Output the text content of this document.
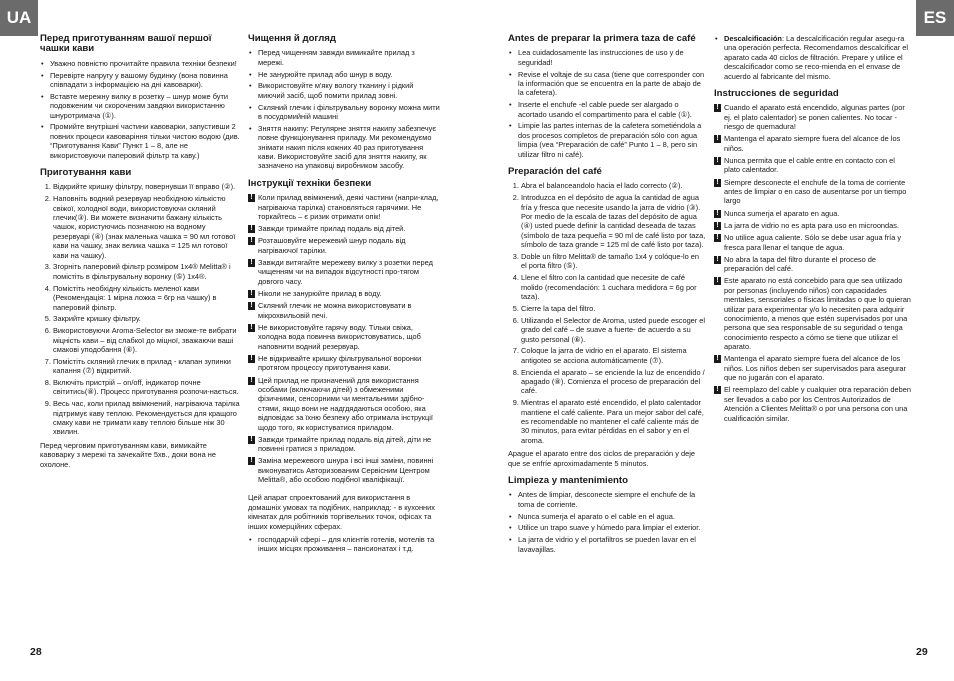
UA	ES
Перед приготуванням вашої першої чашки кави
• Уважно повністю прочитайте правила техніки безпеки!
• Перевірте напругу у вашому будинку (вона повинна співпадати з інформацією на дні кавоварки).
• Вставте мережну вилку в розетку – шнур може бути подовженим чи скороченим завдяки використанню шнуротримача (①).
• Промийте внутрішні частини кавоварки, запустивши 2 повних процеси кавоваріння тільки чистою водою (див. “Приготування Кави” Пункт 1 – 8, але не використовуючи паперовий фільтр та каву.)
Приготування кави
1. Відкрийте кришку фільтру, повернувши її вправо (②).
2. Наповніть водний резервуар необхідною кількістю свіжої, холодної води, використовуючи скляний глечик(③). Ви можете визначити бажану кількість чашок, користуючись позначкою на водному резервуарі (④) (знак маленька чашка = 90 мл готової кави на чашку, знак велика чашка = 125 мл готової кави на чашку).
3. Згорніть паперовий фільтр розміром 1x4® Melitta® і помістіть в фільтрувальну воронку (⑤) 1x4®.
4. Помістіть необхідну кількість меленої кави (Рекомендація: 1 мірна ложка = 6гр на чашку) в паперовий фільтр.
5. Закрийте кришку фільтру.
6. Використовуючи Aroma-Selector ви зможе-те вибрати міцність кави – від слабкої до міцної, зважаючи ваші смакові уподобання (⑥).
7. Помістіть скляний глечик в прилад - клапан зупинки капання (⑦) відкритий.
8. Включіть пристрій – on/off, індикатор почне світитись(⑧). Процесс приготування розпочи-нається.
9. Весь час, коли прилад ввімкнений, нагріваюча тарілка підтримує каву теплою. Рекомендується для кращого смаку кави не тримати каву теплою більше ніж 30 хвилин.

Перед черговим приготуванням кави, вимикайте кавоварку з мережі та зачекайте 5хв., доки вона не охолоне.

Чищення й догляд
• Перед чищенням завжди вимикайте прилад з мережі.
• Не занурюйте прилад або шнур в воду.
• Використовуйте м'яку вологу тканину і рідкий миючий засіб, щоб помити прилад зовні.
• Скляний глечик і фільтрувальну воронку можна мити в посудомийній машині
• Зняття накипу: Регулярне зняття накипу забезпечує повне функціонування приладу. Ми рекомендуємо знімати накип після кожних 40 раз приготування кави. Використовуйте засіб для зняття накипу, як зазначено на упаковці виробником засобу.
Інструкції техніки безпеки
! Коли прилад ввімкнений, деякі частини (напри-клад, нагріваюча тарілка) становляться гарячими. Не торкайтесь – є ризик отримати опік!
! Завжди тримайте прилад подаль від дітей.
! Розташовуйте мережевий шнур подаль від нагріваючої тарілки.
! Завжди витягайте мережеву вилку з розетки перед чищенням чи на випадок відсутності про-тягом довгого часу.
! Ніколи не занурюйте прилад в воду.
! Скляний глечик не можна використовувати в мікрохвильовій печі.
! Не використовуйте гарячу воду. Тільки свіжа, холодна вода повинна використовуватись, щоб наповнити водний резервуар.
! Не відкривайте кришку фільтрувальної воронки протягом процессу приготування кави.
! Цей прилад не призначений для використання особами (включаючи дітей) з обмеженими фізичними, сенсорними чи ментальними здібно-стями, якщо вони не надгдядаються особою, яка відповідає за їхню безпеку або отримала інструкції щодо того, як користуватися приладом.
! Завжди тримайте прилад подаль від дітей, діти не повинні гратися з приладом.
! Заміна мережевого шнура і всі інші заміни, повинні виконуватись Авторизованим Сервісним Центром Melitta®, або особою подібної кваліфікації.

Цей апарат спроектований для використання в домашніх умовах та подібних, наприклад: - в кухонних кімнатах для робітників торгівельних точок, офісах та інших комерційних сферах.

• господарчій сфері – для клієнтів готелів, мотелів та інших місцях проживання – пансионатах і т.д.
Antes de preparar la primera taza de café
• Lea cuidadosamente las instrucciones de uso y de seguridad!
• Revise el voltaje de su casa (tiene que corresponder con la información que se encuentra en la parte de abajo de la cafetera).
• Inserte el enchufe -el cable puede ser alargado o acortado usando el compartimento para el cable (①).
• Limpie las partes internas de la cafetera sometiéndola a dos procesos completos de preparación sólo con agua limpia (vea “Preparación de café” Punto 1 – 8, pero sin utilizar filtro ni café).
Preparación del café
1. Abra el balanceandolo hacia el lado correcto (②).
2. Introduzca en el depósito de agua la cantidad de agua fría y fresca que necesite usando la jarra de vidrio (③). Por medio de la escala de tazas del depósito de agua (④) usted puede definir la cantidad deseada de tazas (símbolo de taza pequeña = 90 ml de café listo por taza, símbolo de taza grande = 125 ml de café listo por taza).
3. Doble un filtro Melitta® de tamaño 1x4 y colóque-lo en el porta filtro (⑤).
4. Llene el filtro con la cantidad que necesite de café molido (recomendación: 1 cuchara medidora = 6g por taza).
5. Cierre la tapa del filtro.
6. Utilizando el Selector de Aroma, usted puede escoger el grado del café – de suave a fuerte- de acuerdo a su gusto personal (⑥).
7. Coloque la jarra de vidrio en el aparato. El sistema antigoteo se acciona automáticamente (⑦).
8. Encienda el aparato – se enciende la luz de encendido / apagado (⑧). Comienza el proceso de preparación del café.
9. Mientras el aparato esté encendido, el plato calentador mantiene el café caliente. Para un mejor sabor del café, es recomendable no mantener el café caliente más de 30 minutos, para evitar pérdidas en el sabor y en el aroma.

Apague el aparato entre dos ciclos de preparación y deje que se enfríe aproximadamente 5 minutos.

Limpieza y mantenimiento
• Antes de limpiar, desconecte siempre el enchufe de la toma de corriente.
• Nunca sumerja el aparato o el cable en el agua.
• Utilice un trapo suave y húmedo para limpiar el exterior.
• La jarra de vidrio y el portafiltros se pueden lavar en el lavavajillas.
• Descalcificación: La descalcificación regular asegu-ra una operación perfecta. Recomendamos descalcificar el aparato cada 40 ciclos de filtración. Prepare y utilice el descalcificador como se reco-mienda en el envase de acuerdo al fabricante del mismo.
Instrucciones de seguridad
! Cuando el aparato está encendido, algunas partes (por ej. el plato calentador) se ponen calientes. No tocar - riesgo de quemadura!
! Mantenga el aparato siempre fuera del alcance de los niños.
! Nunca permita que el cable entre en contacto con el plato calentador.
! Siempre desconecte el enchufe de la toma de corriente antes de limpiar o en caso de ausentarse por un tiempo largo
! Nunca sumerja el aparato en agua.
! La jarra de vidrio no es apta para uso en microondas.
! No utilice agua caliente. Sólo se debe usar agua fría y fresca para llenar el tanque de agua.
! No abra la tapa del filtro durante el proceso de preparación del café.
! Este aparato no está concebido para que sea utilizado por personas (incluyendo niños) con capacidades mentales, sensoriales o físicas limitadas o que lo quieran utilizar para experimentar y/o lo necesiten para adquirir conocimiento, a menos que estén supervisados por una persona que sea responsable de su seguridad o tenga conocimiento respecto a cómo se tiene que utilizar el aparato.
! Mantenga el aparato siempre fuera del alcance de los niños. Los niños deben ser supervisados para asegurar que no jugarán con el aparato.
! El reemplazo del cable y cualquier otra reparación deben ser llevados a cabo por los Centros Autorizados de Atención a Clientes Melitta® o por una persona con una cualificación similar.
28	29
